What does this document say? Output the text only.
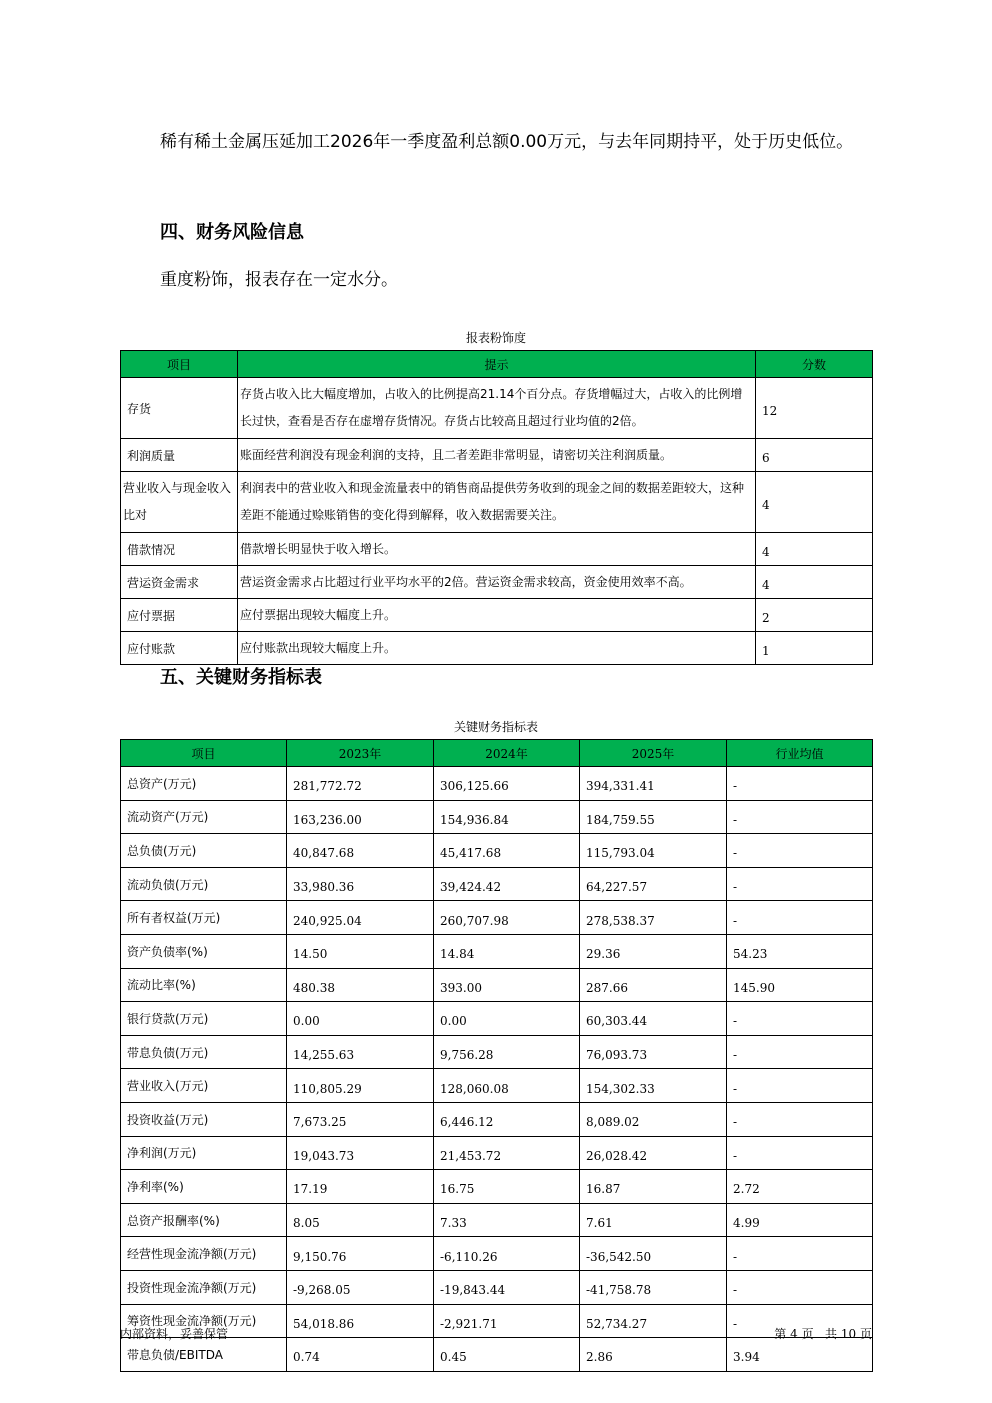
稀有稀土金属压延加工2026年一季度盈利总额0.00万元，与去年同期持平，处于历史低位。

四、财务风险信息

重度粉饰，报表存在一定水分。

报表粉饰度
项目	提示	分数
存货	存货占收入比大幅度增加，占收入的比例提高21.14个百分点。存货增幅过大，占收入的比例增长过快，查看是否存在虚增存货情况。存货占比较高且超过行业均值的2倍。	12
利润质量	账面经营利润没有现金利润的支持，且二者差距非常明显，请密切关注利润质量。	6
营业收入与现金收入比对	利润表中的营业收入和现金流量表中的销售商品提供劳务收到的现金之间的数据差距较大，这种差距不能通过赊账销售的变化得到解释，收入数据需要关注。	4
借款情况	借款增长明显快于收入增长。	4
营运资金需求	营运资金需求占比超过行业平均水平的2倍。营运资金需求较高，资金使用效率不高。	4
应付票据	应付票据出现较大幅度上升。	2
应付账款	应付账款出现较大幅度上升。	1
五、关键财务指标表
关键财务指标表
项目	2023年	2024年	2025年	行业均值
总资产(万元)	281,772.72	306,125.66	394,331.41	-
流动资产(万元)	163,236.00	154,936.84	184,759.55	-
总负债(万元)	40,847.68	45,417.68	115,793.04	-
流动负债(万元)	33,980.36	39,424.42	64,227.57	-
所有者权益(万元)	240,925.04	260,707.98	278,538.37	-
资产负债率(%)	14.50	14.84	29.36	54.23
流动比率(%)	480.38	393.00	287.66	145.90
银行贷款(万元)	0.00	0.00	60,303.44	-
带息负债(万元)	14,255.63	9,756.28	76,093.73	-
营业收入(万元)	110,805.29	128,060.08	154,302.33	-
投资收益(万元)	7,673.25	6,446.12	8,089.02	-
净利润(万元)	19,043.73	21,453.72	26,028.42	-
净利率(%)	17.19	16.75	16.87	2.72
总资产报酬率(%)	8.05	7.33	7.61	4.99
经营性现金流净额(万元)	9,150.76	-6,110.26	-36,542.50	-
投资性现金流净额(万元)	-9,268.05	-19,843.44	-41,758.78	-
筹资性现金流净额(万元)	54,018.86	-2,921.71	52,734.27	-
带息负债/EBITDA	0.74	0.45	2.86	3.94
内部资料，妥善保管	第 4 页 共 10 页
